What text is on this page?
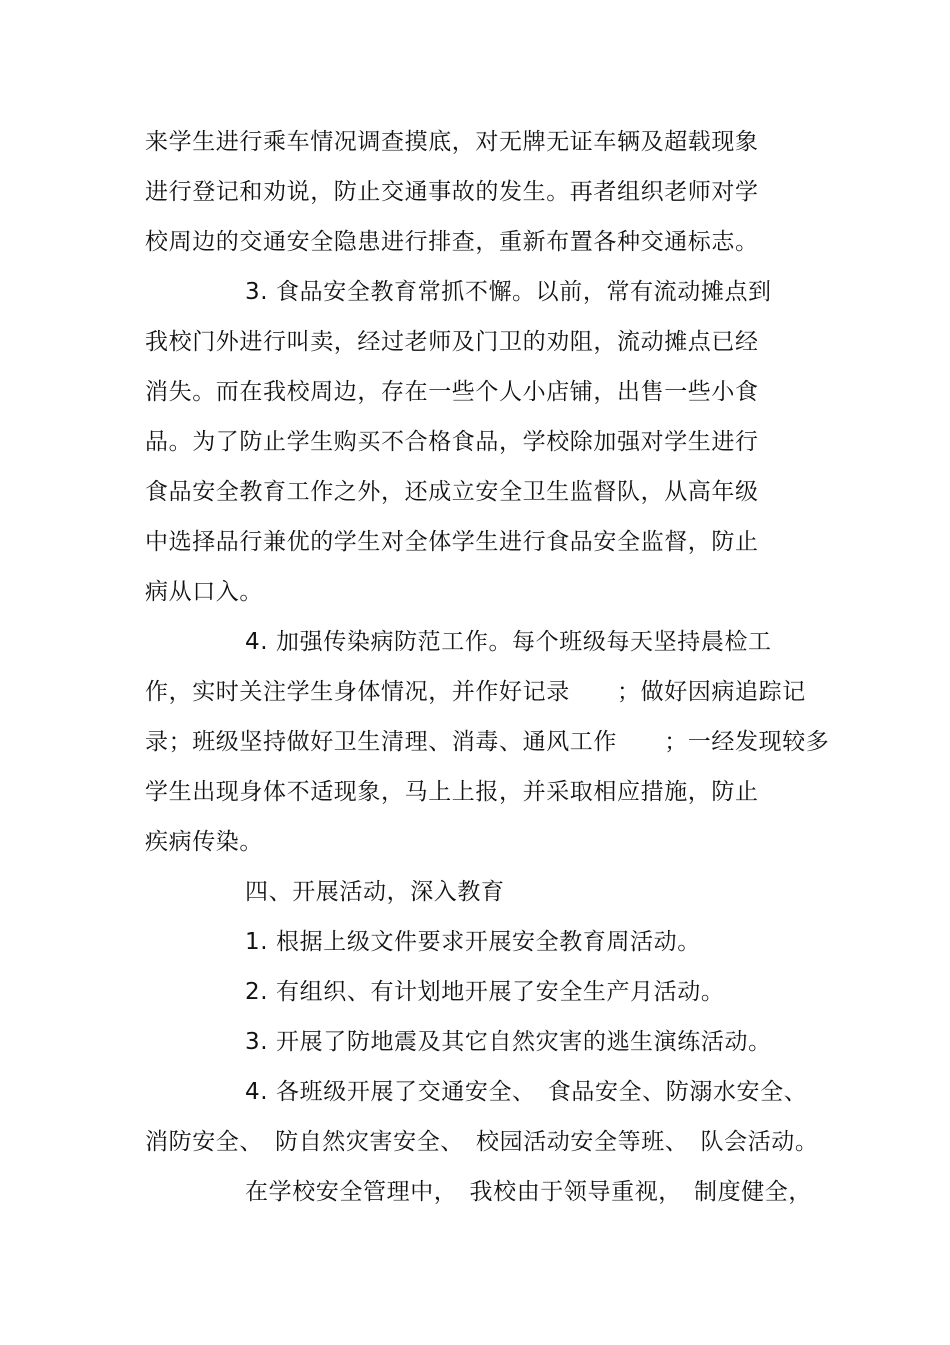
来学生进行乘车情况调查摸底，对无牌无证车辆及超载现象
进行登记和劝说，防止交通事故的发生。再者组织老师对学
校周边的交通安全隐患进行排查，重新布置各种交通标志。
3. 食品安全教育常抓不懈。以前，常有流动摊点到
我校门外进行叫卖，经过老师及门卫的劝阻，流动摊点已经
消失。而在我校周边，存在一些个人小店铺，出售一些小食
品。为了防止学生购买不合格食品，学校除加强对学生进行
食品安全教育工作之外，还成立安全卫生监督队，从高年级
中选择品行兼优的学生对全体学生进行食品安全监督，防止
病从口入。
4. 加强传染病防范工作。每个班级每天坚持晨检工
作，实时关注学生身体情况，并作好记录　　；做好因病追踪记
录；班级坚持做好卫生清理、消毒、通风工作　　；一经发现较多
学生出现身体不适现象，马上上报，并采取相应措施，防止
疾病传染。
四、开展活动，深入教育
1. 根据上级文件要求开展安全教育周活动。
2. 有组织、有计划地开展了安全生产月活动。
3. 开展了防地震及其它自然灾害的逃生演练活动。
4. 各班级开展了交通安全、　食品安全、防溺水安全、
消防安全、　防自然灾害安全、　校园活动安全等班、　队会活动。
在学校安全管理中，　我校由于领导重视，　制度健全，
